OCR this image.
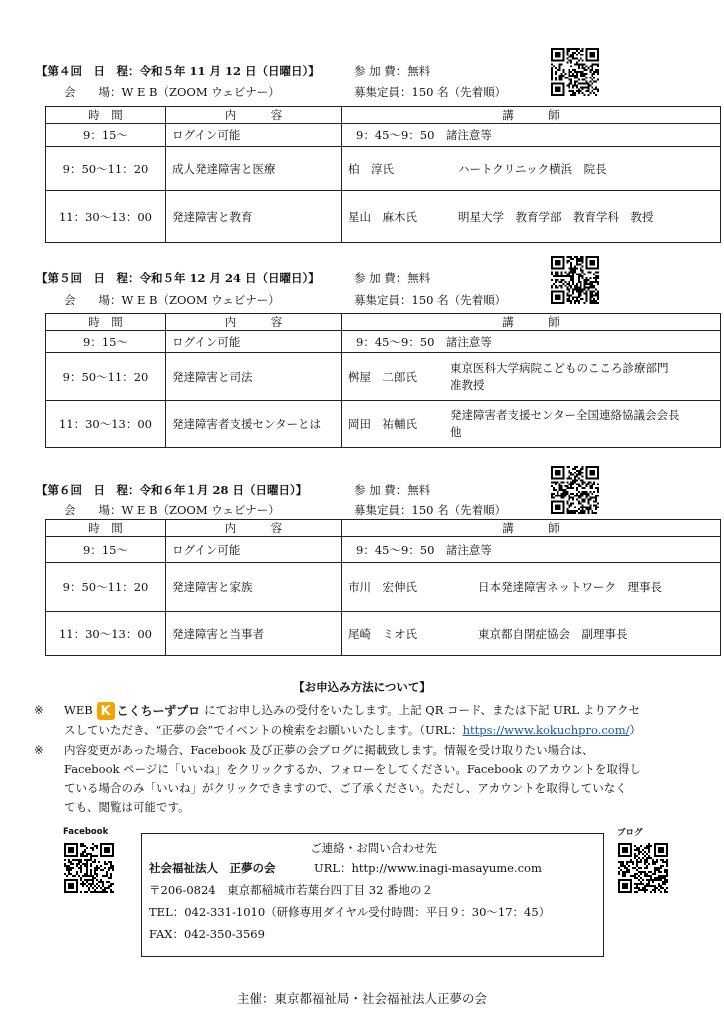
【第４回　日　程：令和５年 11 月 12 日（日曜日）】	参 加 費：無料
会　　場：W E B（ZOOM ウェビナー）	募集定員：150 名（先着順）
時　間	内　　　容	講　　　師
9：15～	ログイン可能	9：45～9：50　諸注意等
9：50～11：20	成人発達障害と医療	柏　淳氏 ハートクリニック横浜　院長

11：30～13：00	発達障害と教育	星山　麻木氏 明星大学　教育学部　教育学科　教授
【第５回　日　程：令和５年 12 月 24 日（日曜日）】	参 加 費：無料
会　　場：W E B（ZOOM ウェビナー）	募集定員：150 名（先着順）
時　間	内　　　容	講　　　師
9：15～	ログイン可能	9：45～9：50　諸注意等
9：50～11：20	発達障害と司法	桝屋　二郎氏
東京医科大学病院こどものこころ診療部門　准教授

11：30～13：00	発達障害者支援センターとは	岡田　祐輔氏
発達障害者支援センター全国連絡協議会会長　他
【第６回　日　程：令和６年１月 28 日（日曜日）】	参 加 費：無料
会　　場：W E B（ZOOM ウェビナー）	募集定員：150 名（先着順）
時　間	内　　　容	講　　　師
9：15～	ログイン可能	9：45～9：50　諸注意等
9：50～11：20	発達障害と家族	市川　宏伸氏 日本発達障害ネットワーク　理事長

11：30～13：00	発達障害と当事者	尾崎　ミオ氏 東京都自閉症協会　副理事長
【お申込み方法について】
※ WEB K こくちーずプロ にてお申し込みの受付をいたします。上記 QR コード、または下記 URL よりアクセ
スしていただき、“正夢の会”でイベントの検索をお願いいたします。（URL：https://www.kokuchpro.com/）
※ 内容変更があった場合、Facebook 及び正夢の会ブログに掲載致します。情報を受け取りたい場合は、
Facebook ページに「いいね」をクリックするか、フォローをしてください。Facebook のアカウントを取得し
ている場合のみ「いいね」がクリックできますので、ご了承ください。ただし、アカウントを取得していなく
ても、閲覧は可能です。
Facebook	ブログ
ご連絡・お問い合わせ先
社会福祉法人　正夢の会	URL：http://www.inagi-masayume.com
〒206-0824　東京都稲城市若葉台四丁目 32 番地の２
TEL：042-331-1010（研修専用ダイヤル受付時間：平日９：30～17：45）
FAX：042-350-3569
主催：東京都福祉局・社会福祉法人正夢の会
